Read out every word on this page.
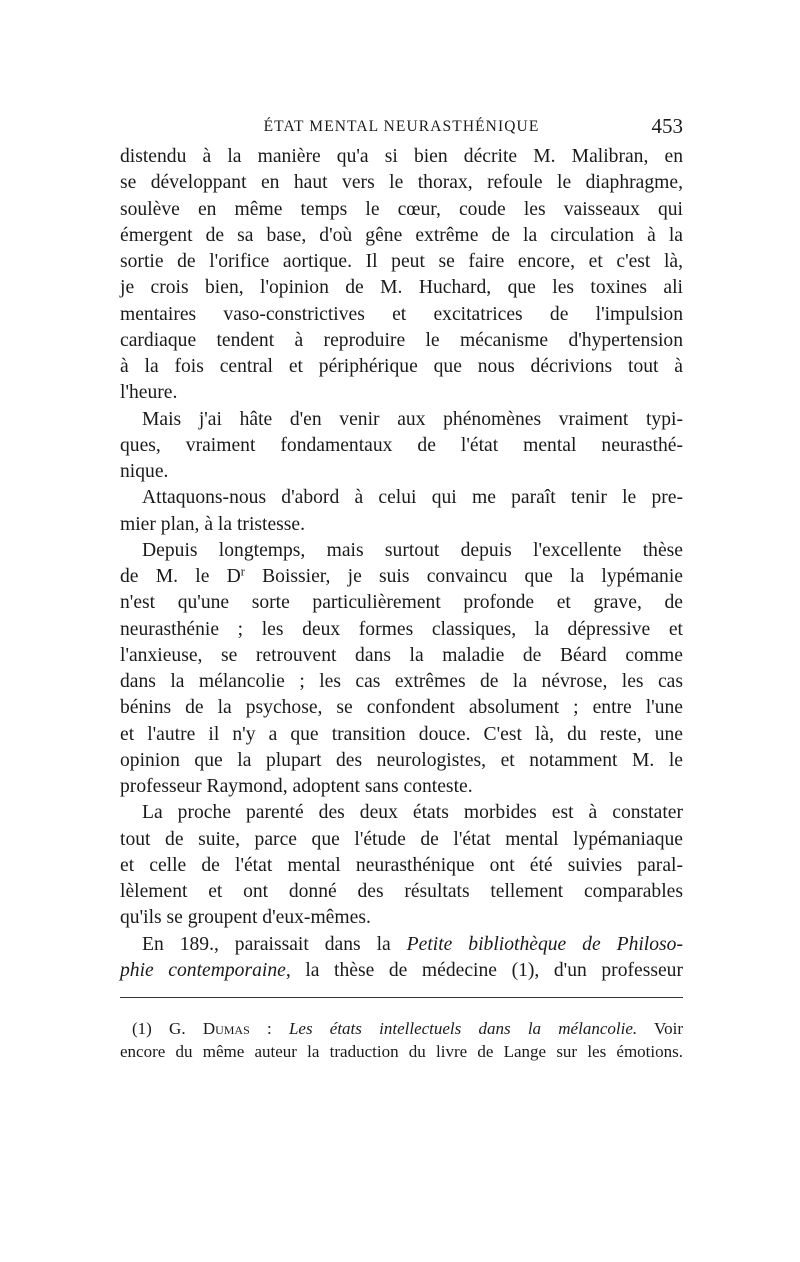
ÉTAT MENTAL NEURASTHÉNIQUE	453
distendu à la manière qu'a si bien décrite M. Malibran, en
se développant en haut vers le thorax, refoule le diaphragme,
soulève en même temps le cœur, coude les vaisseaux qui
émergent de sa base, d'où gêne extrême de la circulation à la
sortie de l'orifice aortique. Il peut se faire encore, et c'est là,
je crois bien, l'opinion de M. Huchard, que les toxines ali
mentaires vaso-constrictives et excitatrices de l'impulsion
cardiaque tendent à reproduire le mécanisme d'hypertension
à la fois central et périphérique que nous décrivions tout à
l'heure.
Mais j'ai hâte d'en venir aux phénomènes vraiment typi-
ques, vraiment fondamentaux de l'état mental neurasthé-
nique.
Attaquons-nous d'abord à celui qui me paraît tenir le pre-
mier plan, à la tristesse.
Depuis longtemps, mais surtout depuis l'excellente thèse
de M. le $D^r$ Boissier, je suis convaincu que la lypémanie
n'est qu'une sorte particulièrement profonde et grave, de
neurasthénie ; les deux formes classiques, la dépressive et
l'anxieuse, se retrouvent dans la maladie de Béard comme
dans la mélancolie ; les cas extrêmes de la névrose, les cas
bénins de la psychose, se confondent absolument ; entre l'une
et l'autre il n'y a que transition douce. C'est là, du reste, une
opinion que la plupart des neurologistes, et notamment M. le
professeur Raymond, adoptent sans conteste.
La proche parenté des deux états morbides est à constater
tout de suite, parce que l'étude de l'état mental lypémaniaque
et celle de l'état mental neurasthénique ont été suivies paral-
lèlement et ont donné des résultats tellement comparables
qu'ils se groupent d'eux-mêmes.
En 189., paraissait dans la Petite bibliothèque de Philoso-
phie contemporaine, la thèse de médecine (1), d'un professeur
(1) G. Dumas : Les états intellectuels dans la mélancolie. Voir
encore du même auteur la traduction du livre de Lange sur les émotions.
